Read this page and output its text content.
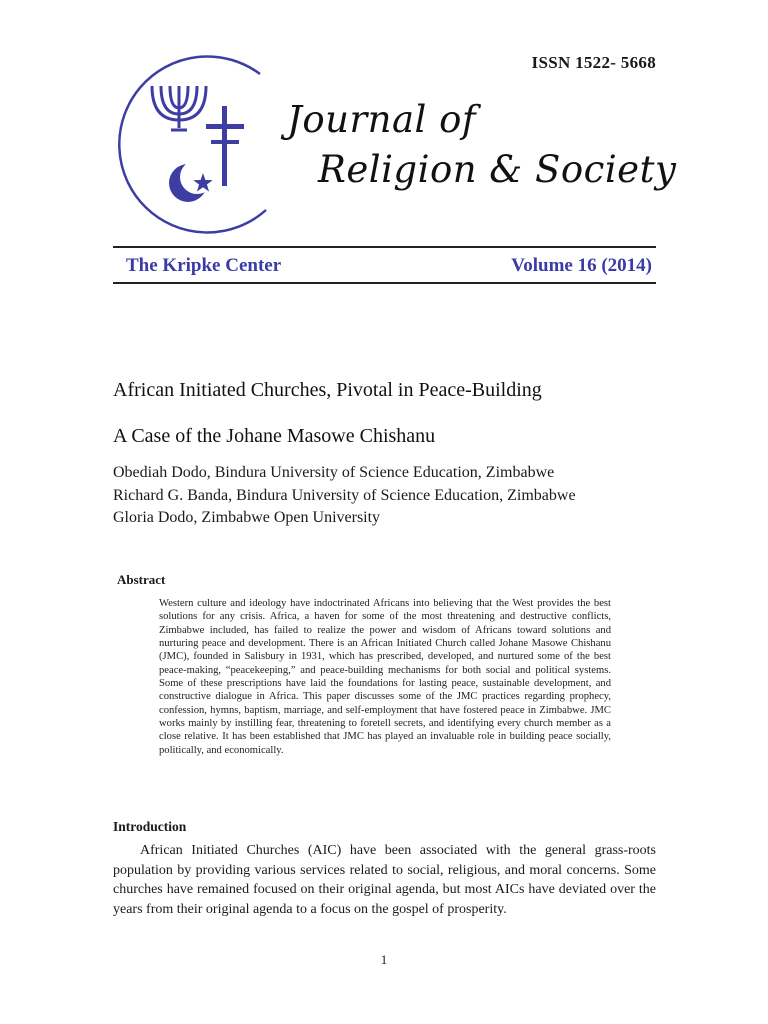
ISSN 1522- 5668
Journal of
Religion & Society
The Kripke Center	Volume 16 (2014)
African Initiated Churches, Pivotal in Peace-Building
A Case of the Johane Masowe Chishanu
Obediah Dodo, Bindura University of Science Education, Zimbabwe
Richard G. Banda, Bindura University of Science Education, Zimbabwe
Gloria Dodo, Zimbabwe Open University
Abstract
Western culture and ideology have indoctrinated Africans into believing that the West provides the best solutions for any crisis. Africa, a haven for some of the most threatening and destructive conflicts, Zimbabwe included, has failed to realize the power and wisdom of Africans toward solutions and nurturing peace and development. There is an African Initiated Church called Johane Masowe Chishanu (JMC), founded in Salisbury in 1931, which has prescribed, developed, and nurtured some of the best peace-making, “peacekeeping,” and peace-building mechanisms for both social and political systems. Some of these prescriptions have laid the foundations for lasting peace, sustainable development, and constructive dialogue in Africa. This paper discusses some of the JMC practices regarding prophecy, confession, hymns, baptism, marriage, and self-employment that have fostered peace in Zimbabwe. JMC works mainly by instilling fear, threatening to foretell secrets, and identifying every church member as a close relative. It has been established that JMC has played an invaluable role in building peace socially, politically, and economically.
Introduction
African Initiated Churches (AIC) have been associated with the general grass-roots population by providing various services related to social, religious, and moral concerns. Some churches have remained focused on their original agenda, but most AICs have deviated over the years from their original agenda to a focus on the gospel of prosperity.
1
